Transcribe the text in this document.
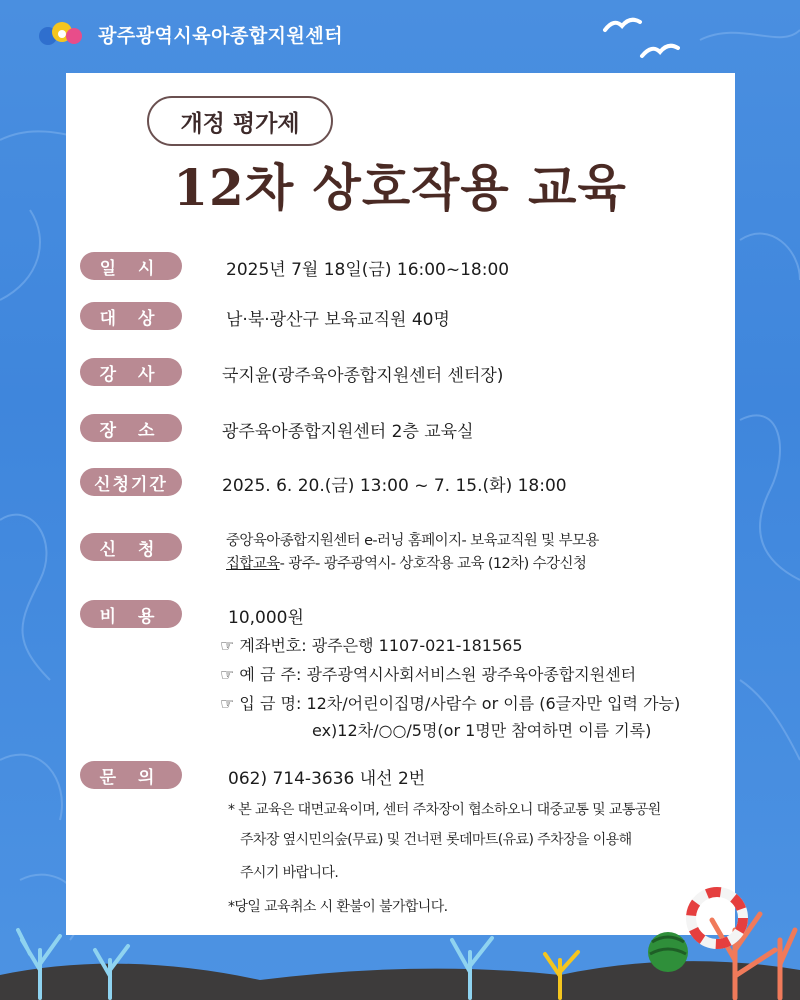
광주광역시육아종합지원센터
개정 평가제
12차 상호작용 교육
일 시	2025년 7월 18일(금) 16:00~18:00
대 상	남·북·광산구 보육교직원 40명
강 사	국지윤(광주육아종합지원센터 센터장)
장 소	광주육아종합지원센터 2층 교육실
신청기간	2025. 6. 20.(금) 13:00 ~ 7. 15.(화) 18:00
신 청	중앙육아종합지원센터 e-러닝 홈페이지- 보육교직원 및 부모용
집합교육- 광주- 광주광역시- 상호작용 교육 (12차) 수강신청
비 용	10,000원
☞ 계좌번호: 광주은행 1107-021-181565
☞ 예 금 주: 광주광역시사회서비스원 광주육아종합지원센터
☞ 입 금 명: 12차/어린이집명/사람수 or 이름 (6글자만 입력 가능)
ex)12차/○○/5명(or 1명만 참여하면 이름 기록)
문 의	062) 714-3636 내선 2번
* 본 교육은 대면교육이며, 센터 주차장이 협소하오니 대중교통 및 교통공원
주차장 옆시민의숲(무료) 및 건너편 롯데마트(유료) 주차장을 이용해
주시기 바랍니다.
*당일 교육취소 시 환불이 불가합니다.
